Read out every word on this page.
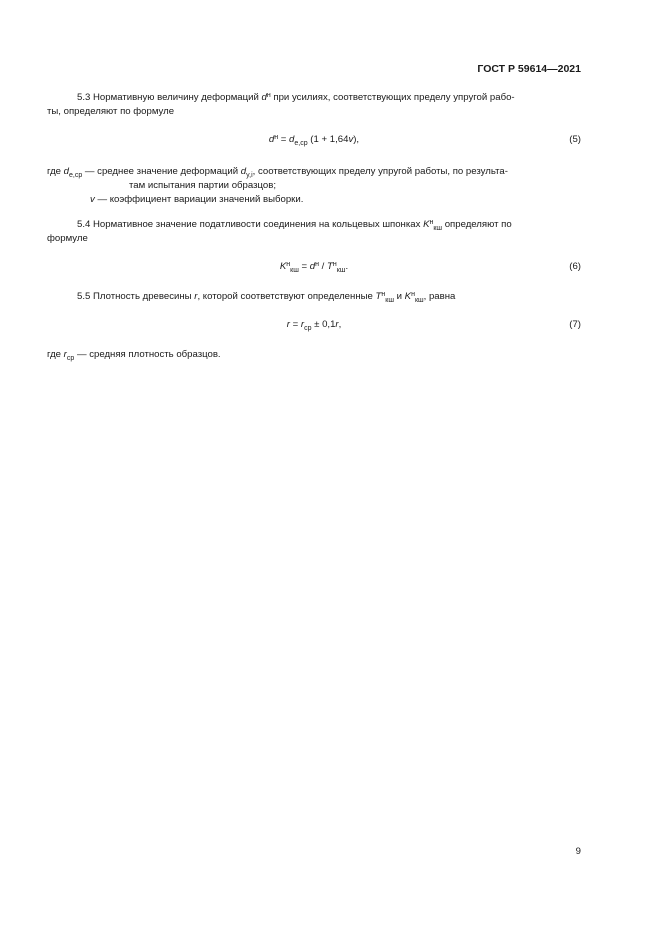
ГОСТ Р 59614—2021
5.3 Нормативную величину деформаций $d^н$ при усилиях, соответствующих пределу упругой рабо-
ты, определяют по формуле
$d^н = d_{e,ср}$ (1 + 1,64v),	(5)
где $d_{e,ср}$ — среднее значение деформаций $d_{y,i}$, соответствующих пределу упругой работы, по результа-
там испытания партии образцов;
v — коэффициент вариации значений выборки.
5.4 Нормативное значение податливости соединения на кольцевых шпонках $K^н_{кш}$ определяют по
формуле
$K^н_{кш} = d^н / T^н_{кш}$.	(6)
5.5 Плотность древесины r, которой соответствуют определенные $T^н_{кш}$ и $K^н_{кш}$, равна
$r = r_{ср} \pm 0,1r$,	(7)
где $r_{ср}$ — средняя плотность образцов.
9
